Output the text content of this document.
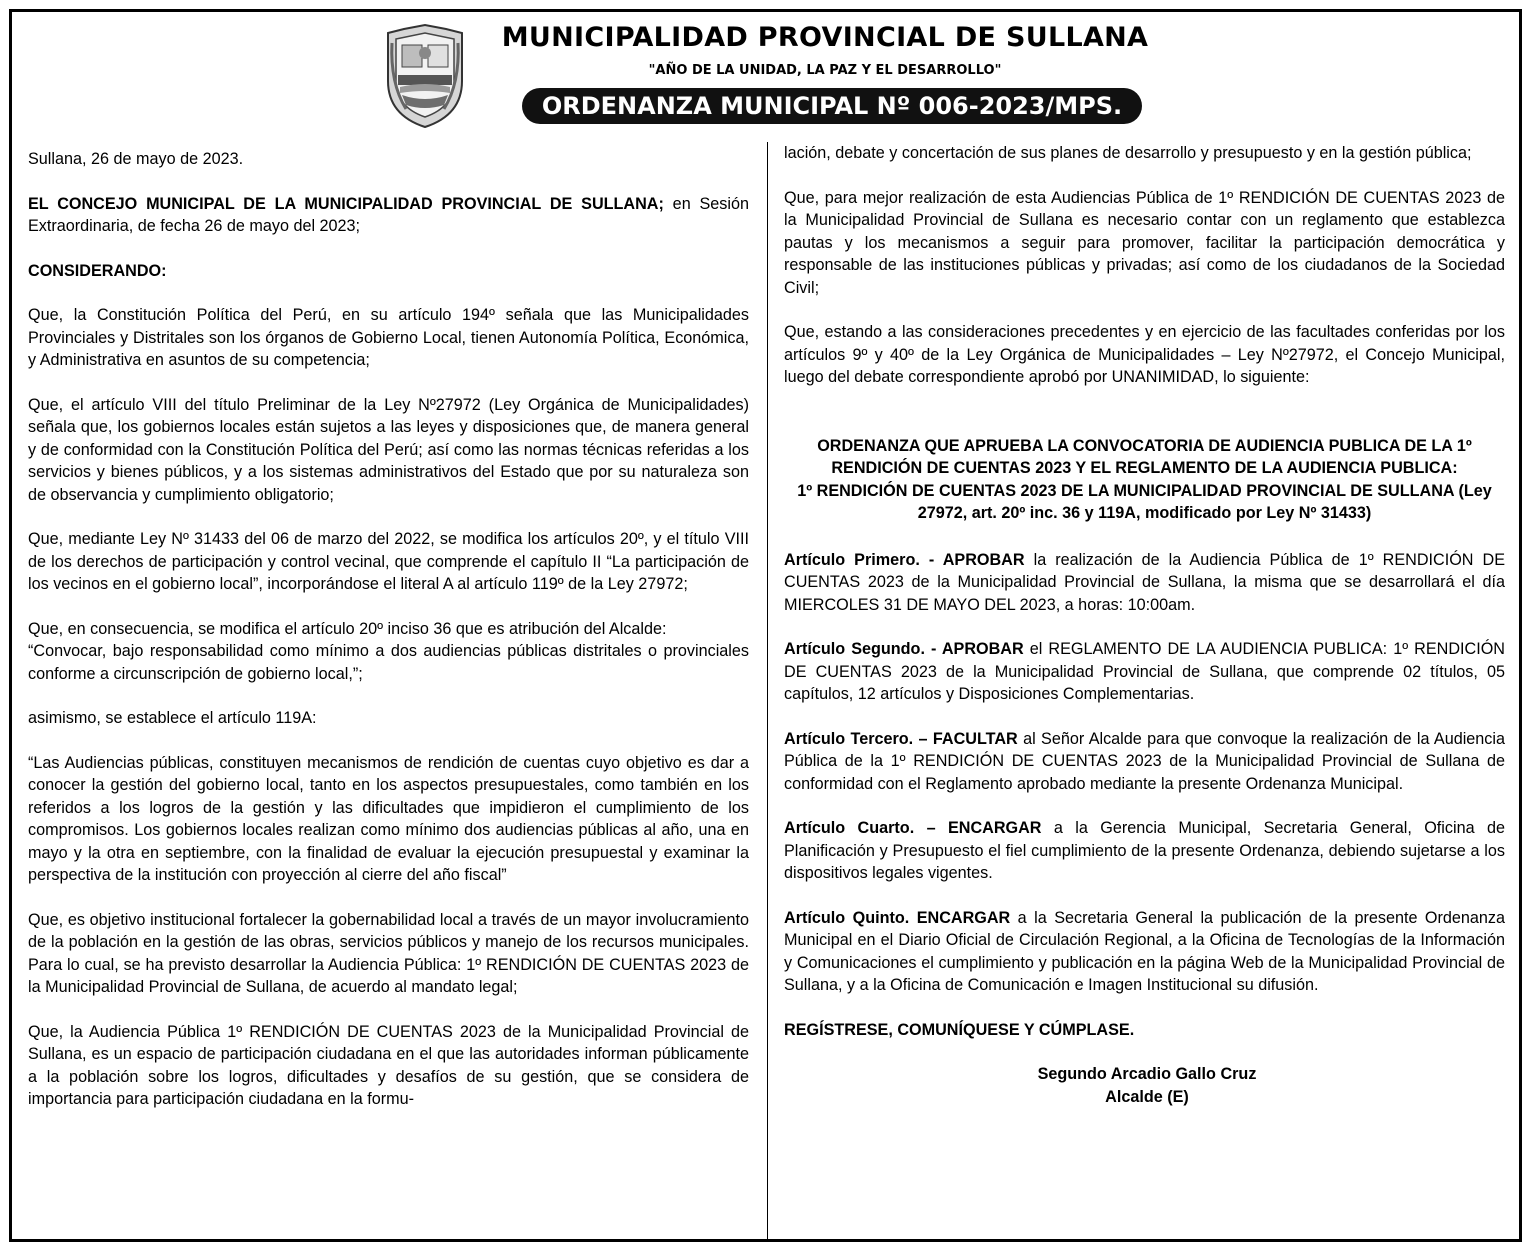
MUNICIPALIDAD PROVINCIAL DE SULLANA
"AÑO DE LA UNIDAD, LA PAZ Y EL DESARROLLO"
ORDENANZA MUNICIPAL Nº 006-2023/MPS.

Sullana, 26 de mayo de 2023.

EL CONCEJO MUNICIPAL DE LA MUNICIPALIDAD PROVINCIAL DE SULLANA; en Sesión Extraordinaria, de fecha 26 de mayo del 2023;

CONSIDERANDO:

Que, la Constitución Política del Perú, en su artículo 194º señala que las Municipalidades Provinciales y Distritales son los órganos de Gobierno Local, tienen Autonomía Política, Económica, y Administrativa en asuntos de su competencia;

Que, el artículo VIII del título Preliminar de la Ley Nº27972 (Ley Orgánica de Municipalidades) señala que, los gobiernos locales están sujetos a las leyes y disposiciones que, de manera general y de conformidad con la Constitución Política del Perú; así como las normas técnicas referidas a los servicios y bienes públicos, y a los sistemas administrativos del Estado que por su naturaleza son de observancia y cumplimiento obligatorio;

Que, mediante Ley Nº 31433 del 06 de marzo del 2022, se modifica los artículos 20º, y el título VIII de los derechos de participación y control vecinal, que comprende el capítulo II “La participación de los vecinos en el gobierno local”, incorporándose el literal A al artículo 119º de la Ley 27972;

Que, en consecuencia, se modifica el artículo 20º inciso 36 que es atribución del Alcalde:
“Convocar, bajo responsabilidad como mínimo a dos audiencias públicas distritales o provinciales conforme a circunscripción de gobierno local,”;

asimismo, se establece el artículo 119A:

“Las Audiencias públicas, constituyen mecanismos de rendición de cuentas cuyo objetivo es dar a conocer la gestión del gobierno local, tanto en los aspectos presupuestales, como también en los referidos a los logros de la gestión y las dificultades que impidieron el cumplimiento de los compromisos. Los gobiernos locales realizan como mínimo dos audiencias públicas al año, una en mayo y la otra en septiembre, con la finalidad de evaluar la ejecución presupuestal y examinar la perspectiva de la institución con proyección al cierre del año fiscal”

Que, es objetivo institucional fortalecer la gobernabilidad local a través de un mayor involucramiento de la población en la gestión de las obras, servicios públicos y manejo de los recursos municipales. Para lo cual, se ha previsto desarrollar la Audiencia Pública: 1º RENDICIÓN DE CUENTAS 2023 de la Municipalidad Provincial de Sullana, de acuerdo al mandato legal;

Que, la Audiencia Pública 1º RENDICIÓN DE CUENTAS 2023 de la Municipalidad Provincial de Sullana, es un espacio de participación ciudadana en el que las autoridades informan públicamente a la población sobre los logros, dificultades y desafíos de su gestión, que se considera de importancia para participación ciudadana en la formu-

lación, debate y concertación de sus planes de desarrollo y presupuesto y en la gestión pública;

Que, para mejor realización de esta Audiencias Pública de 1º RENDICIÓN DE CUENTAS 2023 de la Municipalidad Provincial de Sullana es necesario contar con un reglamento que establezca pautas y los mecanismos a seguir para promover, facilitar la participación democrática y responsable de las instituciones públicas y privadas; así como de los ciudadanos de la Sociedad Civil;

Que, estando a las consideraciones precedentes y en ejercicio de las facultades conferidas por los artículos 9º y 40º de la Ley Orgánica de Municipalidades – Ley Nº27972, el Concejo Municipal, luego del debate correspondiente aprobó por UNANIMIDAD, lo siguiente:

ORDENANZA QUE APRUEBA LA CONVOCATORIA DE AUDIENCIA PUBLICA DE LA 1º RENDICIÓN DE CUENTAS 2023 Y EL REGLAMENTO DE LA AUDIENCIA PUBLICA:
1º RENDICIÓN DE CUENTAS 2023 DE LA MUNICIPALIDAD PROVINCIAL DE SULLANA (Ley 27972, art. 20º inc. 36 y 119A, modificado por Ley Nº 31433)

Artículo Primero. - APROBAR la realización de la Audiencia Pública de 1º RENDICIÓN DE CUENTAS 2023 de la Municipalidad Provincial de Sullana, la misma que se desarrollará el día MIERCOLES 31 DE MAYO DEL 2023, a horas: 10:00am.

Artículo Segundo. - APROBAR el REGLAMENTO DE LA AUDIENCIA PUBLICA: 1º RENDICIÓN DE CUENTAS 2023 de la Municipalidad Provincial de Sullana, que comprende 02 títulos, 05 capítulos, 12 artículos y Disposiciones Complementarias.

Artículo Tercero. – FACULTAR al Señor Alcalde para que convoque la realización de la Audiencia Pública de la 1º RENDICIÓN DE CUENTAS 2023 de la Municipalidad Provincial de Sullana de conformidad con el Reglamento aprobado mediante la presente Ordenanza Municipal.

Artículo Cuarto. – ENCARGAR a la Gerencia Municipal, Secretaria General, Oficina de Planificación y Presupuesto el fiel cumplimiento de la presente Ordenanza, debiendo sujetarse a los dispositivos legales vigentes.

Artículo Quinto. ENCARGAR a la Secretaria General la publicación de la presente Ordenanza Municipal en el Diario Oficial de Circulación Regional, a la Oficina de Tecnologías de la Información y Comunicaciones el cumplimiento y publicación en la página Web de la Municipalidad Provincial de Sullana, y a la Oficina de Comunicación e Imagen Institucional su difusión.

REGÍSTRESE, COMUNÍQUESE Y CÚMPLASE.

Segundo Arcadio Gallo Cruz
Alcalde (E)
